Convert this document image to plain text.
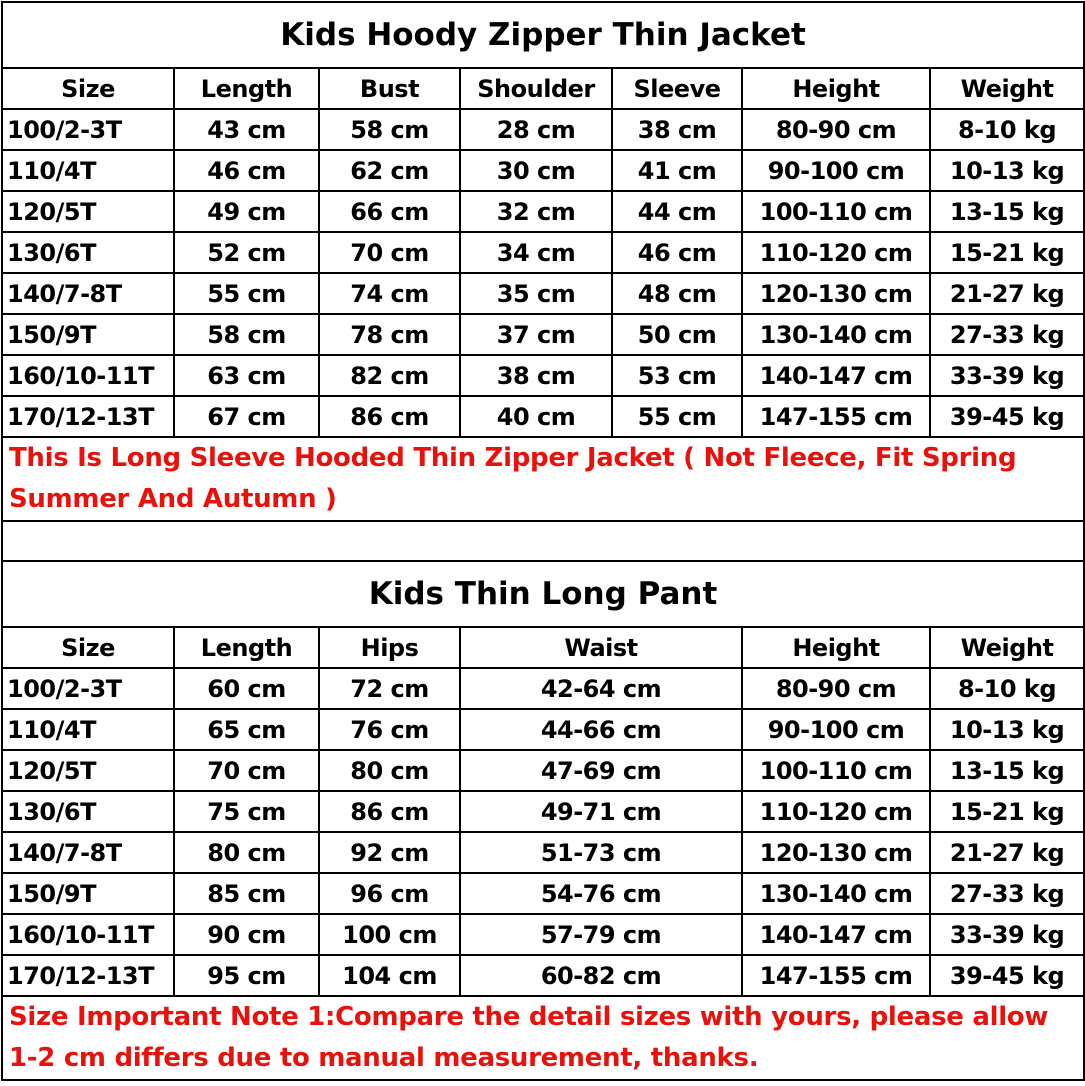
Kids Hoody Zipper Thin Jacket						
Size	Length	Bust	Shoulder	Sleeve	Height	Weight
100/2-3T	43 cm	58 cm	28 cm	38 cm	80-90 cm	8-10 kg
110/4T	46 cm	62 cm	30 cm	41 cm	90-100 cm	10-13 kg
120/5T	49 cm	66 cm	32 cm	44 cm	100-110 cm	13-15 kg
130/6T	52 cm	70 cm	34 cm	46 cm	110-120 cm	15-21 kg
140/7-8T	55 cm	74 cm	35 cm	48 cm	120-130 cm	21-27 kg
150/9T	58 cm	78 cm	37 cm	50 cm	130-140 cm	27-33 kg
160/10-11T	63 cm	82 cm	38 cm	53 cm	140-147 cm	33-39 kg
170/12-13T	67 cm	86 cm	40 cm	55 cm	147-155 cm	39-45 kg
This Is Long Sleeve Hooded Thin Zipper Jacket ( Not Fleece, Fit Spring Summer And Autumn )						

Kids Thin Long Pant						
Size	Length	Hips	Waist		Height	Weight
100/2-3T	60 cm	72 cm	42-64 cm		80-90 cm	8-10 kg
110/4T	65 cm	76 cm	44-66 cm		90-100 cm	10-13 kg
120/5T	70 cm	80 cm	47-69 cm		100-110 cm	13-15 kg
130/6T	75 cm	86 cm	49-71 cm		110-120 cm	15-21 kg
140/7-8T	80 cm	92 cm	51-73 cm		120-130 cm	21-27 kg
150/9T	85 cm	96 cm	54-76 cm		130-140 cm	27-33 kg
160/10-11T	90 cm	100 cm	57-79 cm		140-147 cm	33-39 kg
170/12-13T	95 cm	104 cm	60-82 cm		147-155 cm	39-45 kg
Size Important Note 1:Compare the detail sizes with yours, please allow 1-2 cm differs due to manual measurement, thanks.						
